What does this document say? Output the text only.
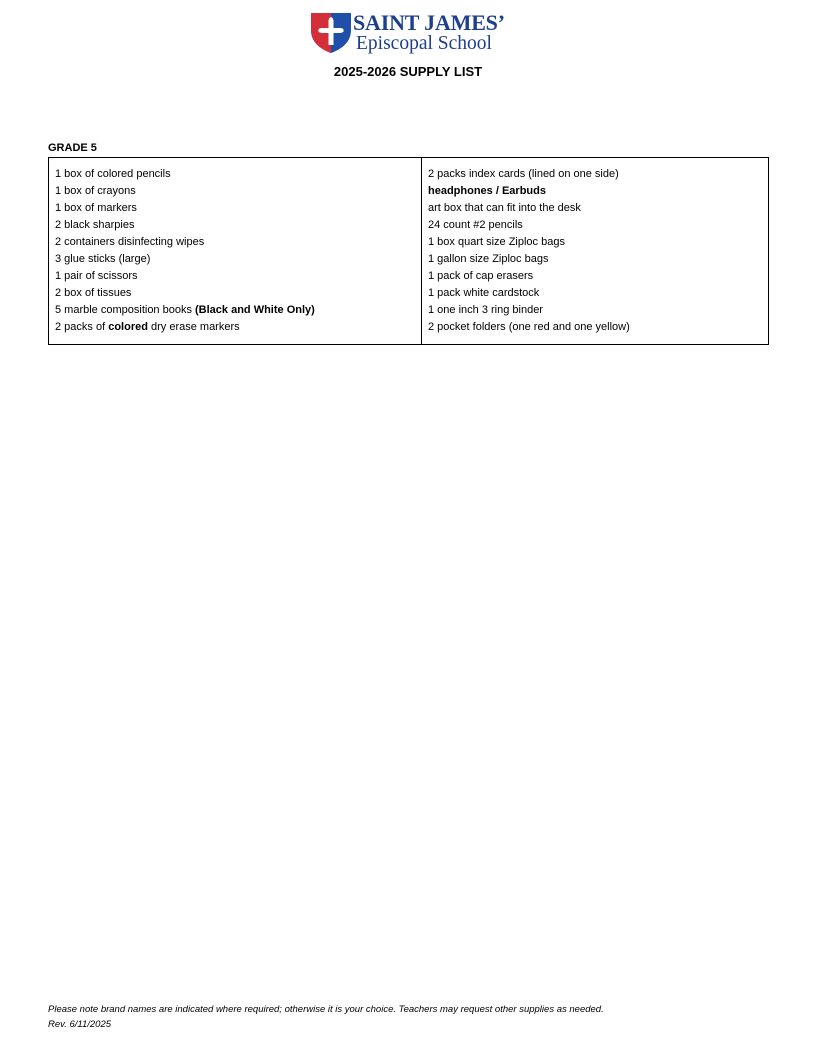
SAINT JAMES’
Episcopal School
2025-2026 SUPPLY LIST
GRADE 5
1 box of colored pencils
1 box of crayons
1 box of markers
2 black sharpies
2 containers disinfecting wipes
3 glue sticks (large)
1 pair of scissors
2 box of tissues
5 marble composition books (Black and White Only)
2 packs of colored dry erase markers

2 packs index cards (lined on one side)
headphones / Earbuds
art box that can fit into the desk
24 count #2 pencils
1 box quart size Ziploc bags
1 gallon size Ziploc bags
1 pack of cap erasers
1 pack white cardstock
1 one inch 3 ring binder
2 pocket folders (one red and one yellow)
Please note brand names are indicated where required; otherwise it is your choice. Teachers may request other supplies as needed.
Rev. 6/11/2025
